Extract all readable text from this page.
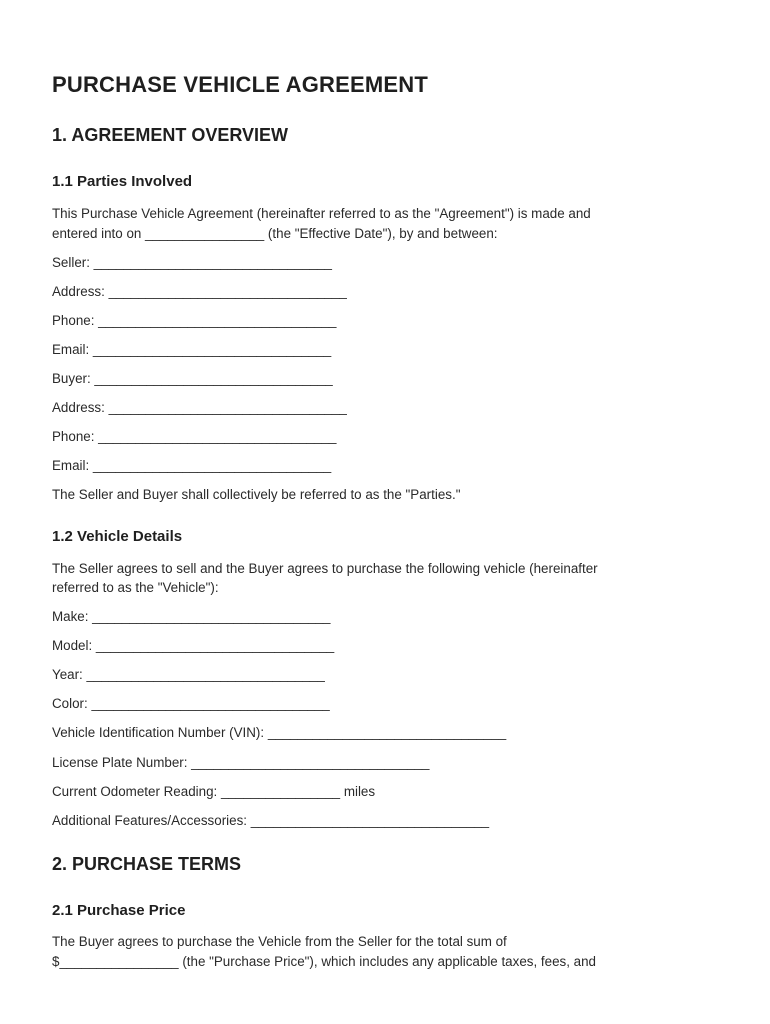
PURCHASE VEHICLE AGREEMENT
1. AGREEMENT OVERVIEW
1.1 Parties Involved

This Purchase Vehicle Agreement (hereinafter referred to as the "Agreement") is made and

entered into on ________________ (the "Effective Date"), by and between:

Seller: ________________________________

Address: ________________________________

Phone: ________________________________

Email: ________________________________

Buyer: ________________________________

Address: ________________________________

Phone: ________________________________

Email: ________________________________

The Seller and Buyer shall collectively be referred to as the "Parties."

1.2 Vehicle Details

The Seller agrees to sell and the Buyer agrees to purchase the following vehicle (hereinafter

referred to as the "Vehicle"):

Make: ________________________________

Model: ________________________________

Year: ________________________________

Color: ________________________________

Vehicle Identification Number (VIN): ________________________________

License Plate Number: ________________________________

Current Odometer Reading: ________________ miles

Additional Features/Accessories: ________________________________

2. PURCHASE TERMS
2.1 Purchase Price

The Buyer agrees to purchase the Vehicle from the Seller for the total sum of

$________________ (the "Purchase Price"), which includes any applicable taxes, fees, and
